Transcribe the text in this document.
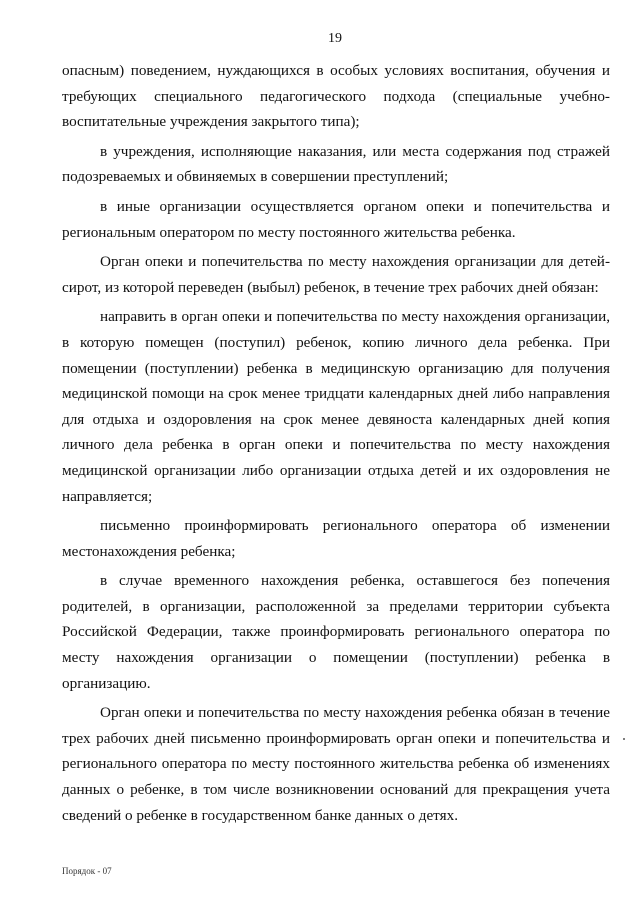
19

опасным) поведением, нуждающихся в особых условиях воспитания, обучения и требующих специального педагогического подхода (специальные учебно-воспитательные учреждения закрытого типа);

в учреждения, исполняющие наказания, или места содержания под стражей подозреваемых и обвиняемых в совершении преступлений;

в иные организации осуществляется органом опеки и попечительства и региональным оператором по месту постоянного жительства ребенка.

Орган опеки и попечительства по месту нахождения организации для детей-сирот, из которой переведен (выбыл) ребенок, в течение трех рабочих дней обязан:

направить в орган опеки и попечительства по месту нахождения организации, в которую помещен (поступил) ребенок, копию личного дела ребенка. При помещении (поступлении) ребенка в медицинскую организацию для получения медицинской помощи на срок менее тридцати календарных дней либо направления для отдыха и оздоровления на срок менее девяноста календарных дней копия личного дела ребенка в орган опеки и попечительства по месту нахождения медицинской организации либо организации отдыха детей и их оздоровления не направляется;

письменно проинформировать регионального оператора об изменении местонахождения ребенка;

в случае временного нахождения ребенка, оставшегося без попечения родителей, в организации, расположенной за пределами территории субъекта Российской Федерации, также проинформировать регионального оператора по месту нахождения организации о помещении (поступлении) ребенка в организацию.

Орган опеки и попечительства по месту нахождения ребенка обязан в течение трех рабочих дней письменно проинформировать орган опеки и попечительства и регионального оператора по месту постоянного жительства ребенка об изменениях данных о ребенке, в том числе возникновении оснований для прекращения учета сведений о ребенке в государственном банке данных о детях.

Порядок - 07
